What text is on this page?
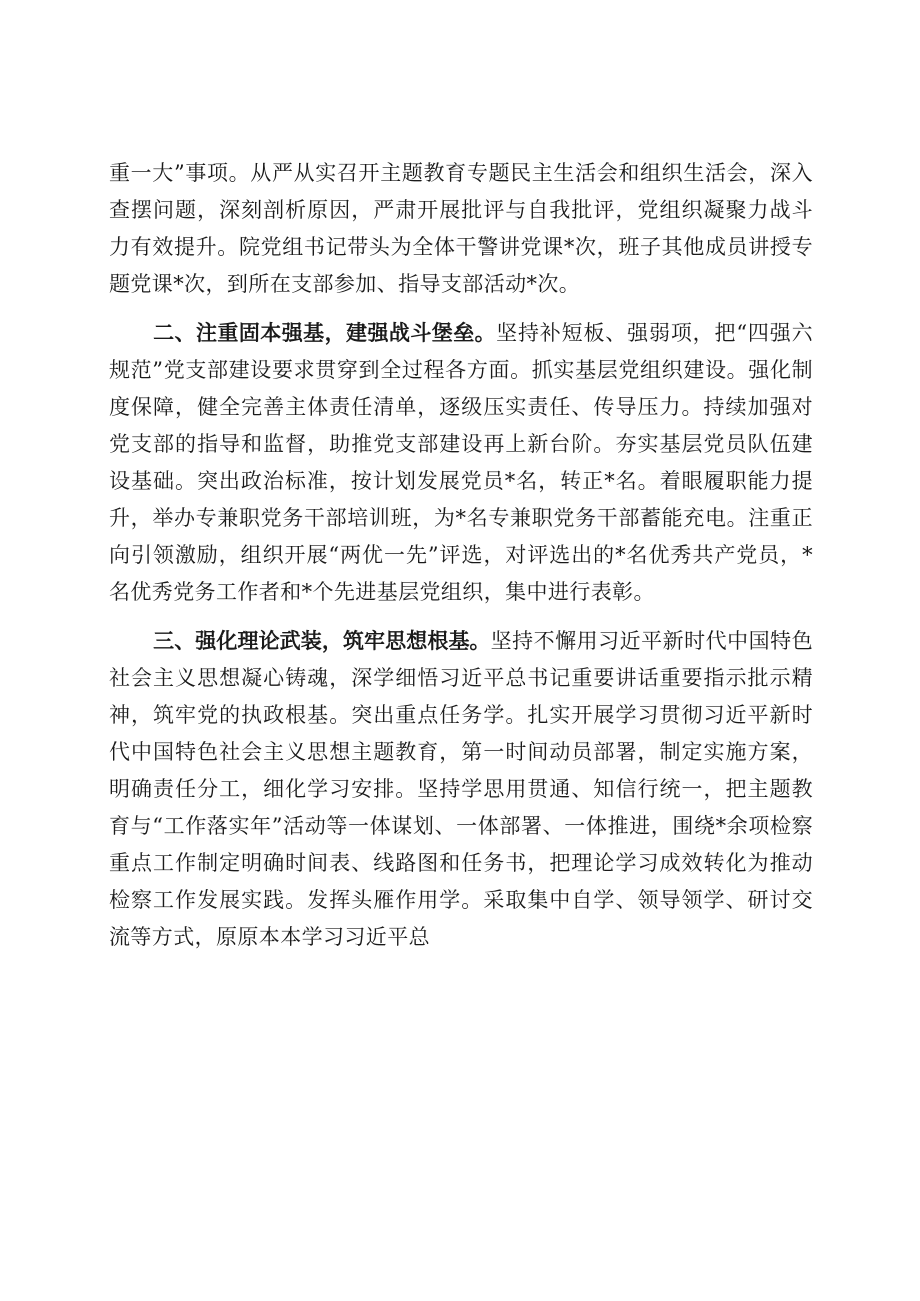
重一大”事项。从严从实召开主题教育专题民主生活会和组织生活会，深入查摆问题，深刻剖析原因，严肃开展批评与自我批评，党组织凝聚力战斗力有效提升。院党组书记带头为全体干警讲党课*次，班子其他成员讲授专题党课*次，到所在支部参加、指导支部活动*次。

二、注重固本强基，建强战斗堡垒。坚持补短板、强弱项，把“四强六规范”党支部建设要求贯穿到全过程各方面。抓实基层党组织建设。强化制度保障，健全完善主体责任清单，逐级压实责任、传导压力。持续加强对党支部的指导和监督，助推党支部建设再上新台阶。夯实基层党员队伍建设基础。突出政治标准，按计划发展党员*名，转正*名。着眼履职能力提升，举办专兼职党务干部培训班，为*名专兼职党务干部蓄能充电。注重正向引领激励，组织开展“两优一先”评选，对评选出的*名优秀共产党员，*名优秀党务工作者和*个先进基层党组织，集中进行表彰。

三、强化理论武装，筑牢思想根基。坚持不懈用习近平新时代中国特色社会主义思想凝心铸魂，深学细悟习近平总书记重要讲话重要指示批示精神，筑牢党的执政根基。突出重点任务学。扎实开展学习贯彻习近平新时代中国特色社会主义思想主题教育，第一时间动员部署，制定实施方案，明确责任分工，细化学习安排。坚持学思用贯通、知信行统一，把主题教育与“工作落实年”活动等一体谋划、一体部署、一体推进，围绕*余项检察重点工作制定明确时间表、线路图和任务书，把理论学习成效转化为推动检察工作发展实践。发挥头雁作用学。采取集中自学、领导领学、研讨交流等方式，原原本本学习习近平总
